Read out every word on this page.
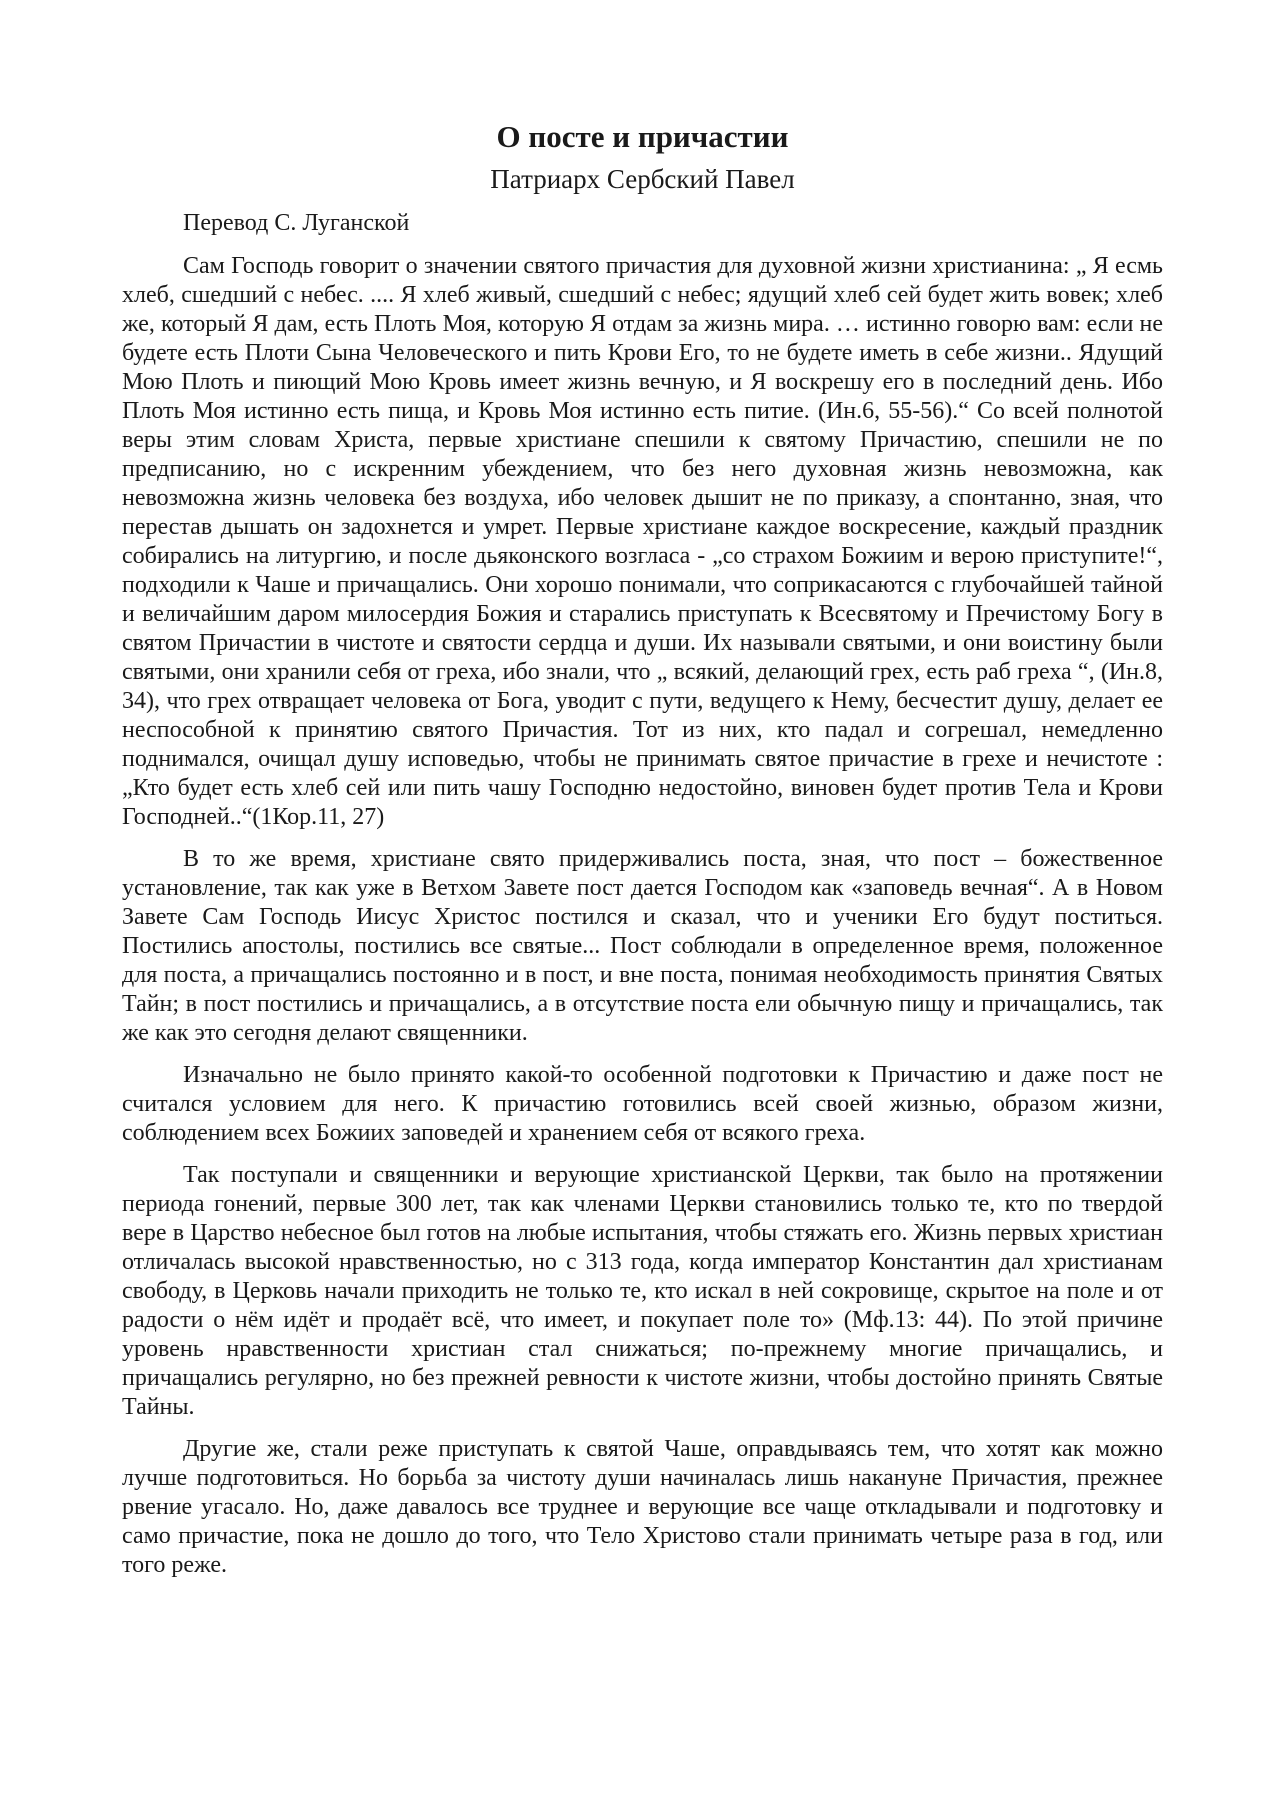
О посте и причастии
Патриарх Сербский Павел
Перевод С. Луганской

Сам Господь говорит о значении святого причастия для духовной жизни христианина: „ Я есмь хлеб, сшедший с небес. .... Я хлеб живый, сшедший с небес; ядущий хлеб сей будет жить вовек; хлеб же, который Я дам, есть Плоть Моя, которую Я отдам за жизнь мира. … истинно говорю вам: если не будете есть Плоти Сына Человеческого и пить Крови Его, то не будете иметь в себе жизни.. Ядущий Мою Плоть и пиющий Мою Кровь имеет жизнь вечную, и Я воскрешу его в последний день. Ибо Плоть Моя истинно есть пища, и Кровь Моя истинно есть питие. (Ин.6, 55-56).“ Со всей полнотой веры этим словам Христа, первые христиане спешили к святому Причастию, спешили не по предписанию, но с искренним убеждением, что без него духовная жизнь невозможна, как невозможна жизнь человека без воздуха, ибо человек дышит не по приказу, а спонтанно, зная, что перестав дышать он задохнется и умрет. Первые христиане каждое воскресение, каждый праздник собирались на литургию, и после дьяконского возгласа - „со страхом Божиим и верою приступите!“, подходили к Чаше и причащались. Они хорошо понимали, что соприкасаются с глубочайшей тайной и величайшим даром милосердия Божия и старались приступать к Всесвятому и Пречистому Богу в святом Причастии в чистоте и святости сердца и души. Их называли святыми, и они воистину были святыми, они хранили себя от греха, ибо знали, что „ всякий, делающий грех, есть раб греха “, (Ин.8, 34), что грех отвращает человека от Бога, уводит с пути, ведущего к Нему, бесчестит душу, делает ее неспособной к принятию святого Причастия. Тот из них, кто падал и согрешал, немедленно поднимался, очищал душу исповедью, чтобы не принимать святое причастие в грехе и нечистоте : „Кто будет есть хлеб сей или пить чашу Господню недостойно, виновен будет против Тела и Крови Господней..“(1Кор.11, 27)

В то же время, христиане свято придерживались поста, зная, что пост – божественное установление, так как уже в Ветхом Завете пост дается Господом как «заповедь вечная“. А в Новом Завете Сам Господь Иисус Христос постился и сказал, что и ученики Его будут поститься. Постились апостолы, постились все святые... Пост соблюдали в определенное время, положенное для поста, а причащались постоянно и в пост, и вне поста, понимая необходимость принятия Святых Тайн; в пост постились и причащались, а в отсутствие поста ели обычную пищу и причащались, так же как это сегодня делают священники.

Изначально не было принято какой-то особенной подготовки к Причастию и даже пост не считался условием для него. К причастию готовились всей своей жизнью, образом жизни, соблюдением всех Божиих заповедей и хранением себя от всякого греха.

Так поступали и священники и верующие христианской Церкви, так было на протяжении периода гонений, первые 300 лет, так как членами Церкви становились только те, кто по твердой вере в Царство небесное был готов на любые испытания, чтобы стяжать его. Жизнь первых христиан отличалась высокой нравственностью, но с 313 года, когда император Константин дал христианам свободу, в Церковь начали приходить не только те, кто искал в ней сокровище, скрытое на поле и от радости о нём идёт и продаёт всё, что имеет, и покупает поле то» (Мф.13: 44). По этой причине уровень нравственности христиан стал снижаться; по-прежнему многие причащались, и причащались регулярно, но без прежней ревности к чистоте жизни, чтобы достойно принять Святые Тайны.

Другие же, стали реже приступать к святой Чаше, оправдываясь тем, что хотят как можно лучше подготовиться. Но борьба за чистоту души начиналась лишь накануне Причастия, прежнее рвение угасало. Но, даже давалось все труднее и верующие все чаще откладывали и подготовку и само причастие, пока не дошло до того, что Тело Христово стали принимать четыре раза в год, или того реже.
